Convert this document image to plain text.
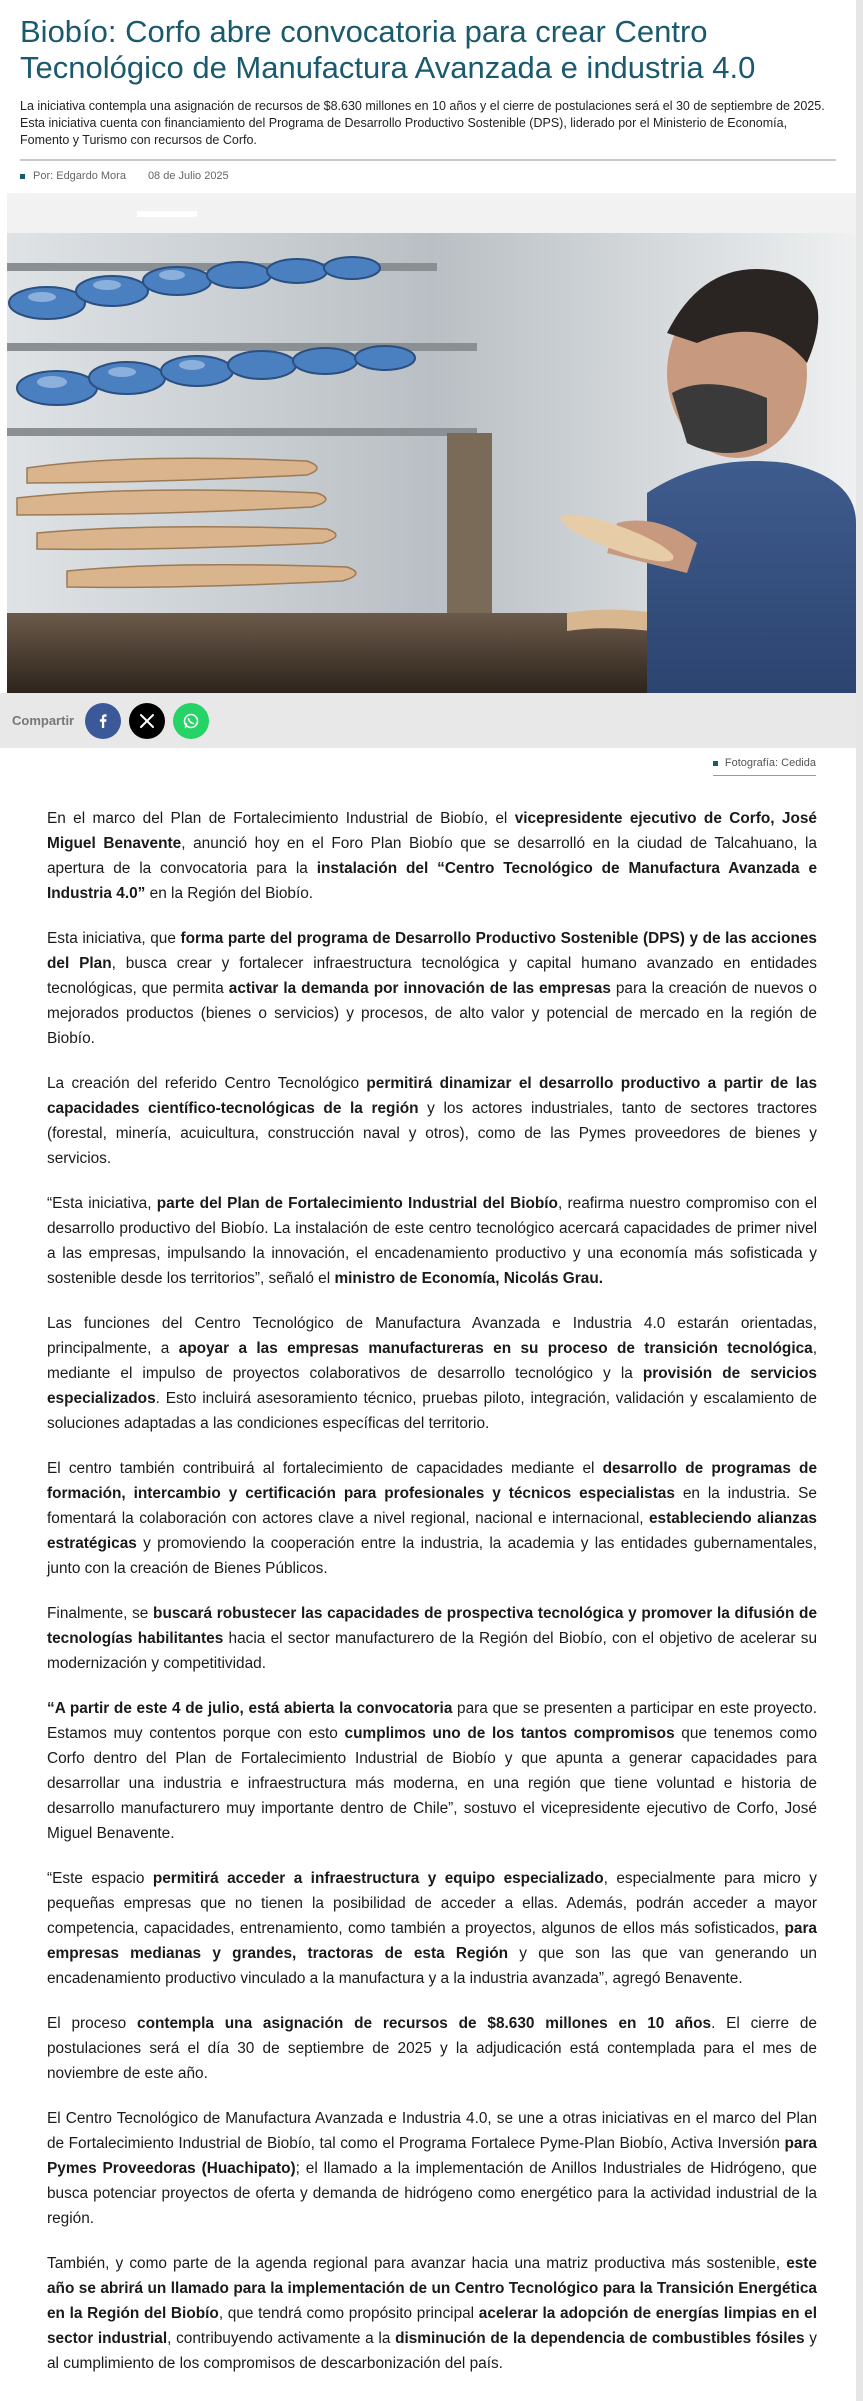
Biobío: Corfo abre convocatoria para crear Centro Tecnológico de Manufactura Avanzada e industria 4.0
La iniciativa contempla una asignación de recursos de $8.630 millones en 10 años y el cierre de postulaciones será el 30 de septiembre de 2025. Esta iniciativa cuenta con financiamiento del Programa de Desarrollo Productivo Sostenible (DPS), liderado por el Ministerio de Economía, Fomento y Turismo con recursos de Corfo.
Por: Edgardo Mora 08 de Julio 2025
Compartir
Fotografía: Cedida

En el marco del Plan de Fortalecimiento Industrial de Biobío, el vicepresidente ejecutivo de Corfo, José Miguel Benavente, anunció hoy en el Foro Plan Biobío que se desarrolló en la ciudad de Talcahuano, la apertura de la convocatoria para la instalación del “Centro Tecnológico de Manufactura Avanzada e Industria 4.0” en la Región del Biobío.

Esta iniciativa, que forma parte del programa de Desarrollo Productivo Sostenible (DPS) y de las acciones del Plan, busca crear y fortalecer infraestructura tecnológica y capital humano avanzado en entidades tecnológicas, que permita activar la demanda por innovación de las empresas para la creación de nuevos o mejorados productos (bienes o servicios) y procesos, de alto valor y potencial de mercado en la región de Biobío.

La creación del referido Centro Tecnológico permitirá dinamizar el desarrollo productivo a partir de las capacidades científico-tecnológicas de la región y los actores industriales, tanto de sectores tractores (forestal, minería, acuicultura, construcción naval y otros), como de las Pymes proveedores de bienes y servicios.

“Esta iniciativa, parte del Plan de Fortalecimiento Industrial del Biobío, reafirma nuestro compromiso con el desarrollo productivo del Biobío. La instalación de este centro tecnológico acercará capacidades de primer nivel a las empresas, impulsando la innovación, el encadenamiento productivo y una economía más sofisticada y sostenible desde los territorios”, señaló el ministro de Economía, Nicolás Grau.

Las funciones del Centro Tecnológico de Manufactura Avanzada e Industria 4.0 estarán orientadas, principalmente, a apoyar a las empresas manufactureras en su proceso de transición tecnológica, mediante el impulso de proyectos colaborativos de desarrollo tecnológico y la provisión de servicios especializados. Esto incluirá asesoramiento técnico, pruebas piloto, integración, validación y escalamiento de soluciones adaptadas a las condiciones específicas del territorio.

El centro también contribuirá al fortalecimiento de capacidades mediante el desarrollo de programas de formación, intercambio y certificación para profesionales y técnicos especialistas en la industria. Se fomentará la colaboración con actores clave a nivel regional, nacional e internacional, estableciendo alianzas estratégicas y promoviendo la cooperación entre la industria, la academia y las entidades gubernamentales, junto con la creación de Bienes Públicos.

Finalmente, se buscará robustecer las capacidades de prospectiva tecnológica y promover la difusión de tecnologías habilitantes hacia el sector manufacturero de la Región del Biobío, con el objetivo de acelerar su modernización y competitividad.

“A partir de este 4 de julio, está abierta la convocatoria para que se presenten a participar en este proyecto. Estamos muy contentos porque con esto cumplimos uno de los tantos compromisos que tenemos como Corfo dentro del Plan de Fortalecimiento Industrial de Biobío y que apunta a generar capacidades para desarrollar una industria e infraestructura más moderna, en una región que tiene voluntad e historia de desarrollo manufacturero muy importante dentro de Chile”, sostuvo el vicepresidente ejecutivo de Corfo, José Miguel Benavente.

“Este espacio permitirá acceder a infraestructura y equipo especializado, especialmente para micro y pequeñas empresas que no tienen la posibilidad de acceder a ellas. Además, podrán acceder a mayor competencia, capacidades, entrenamiento, como también a proyectos, algunos de ellos más sofisticados, para empresas medianas y grandes, tractoras de esta Región y que son las que van generando un encadenamiento productivo vinculado a la manufactura y a la industria avanzada”, agregó Benavente.

El proceso contempla una asignación de recursos de $8.630 millones en 10 años. El cierre de postulaciones será el día 30 de septiembre de 2025 y la adjudicación está contemplada para el mes de noviembre de este año.

El Centro Tecnológico de Manufactura Avanzada e Industria 4.0, se une a otras iniciativas en el marco del Plan de Fortalecimiento Industrial de Biobío, tal como el Programa Fortalece Pyme-Plan Biobío, Activa Inversión para Pymes Proveedoras (Huachipato); el llamado a la implementación de Anillos Industriales de Hidrógeno, que busca potenciar proyectos de oferta y demanda de hidrógeno como energético para la actividad industrial de la región.

También, y como parte de la agenda regional para avanzar hacia una matriz productiva más sostenible, este año se abrirá un llamado para la implementación de un Centro Tecnológico para la Transición Energética en la Región del Biobío, que tendrá como propósito principal acelerar la adopción de energías limpias en el sector industrial, contribuyendo activamente a la disminución de la dependencia de combustibles fósiles y al cumplimiento de los compromisos de descarbonización del país.
